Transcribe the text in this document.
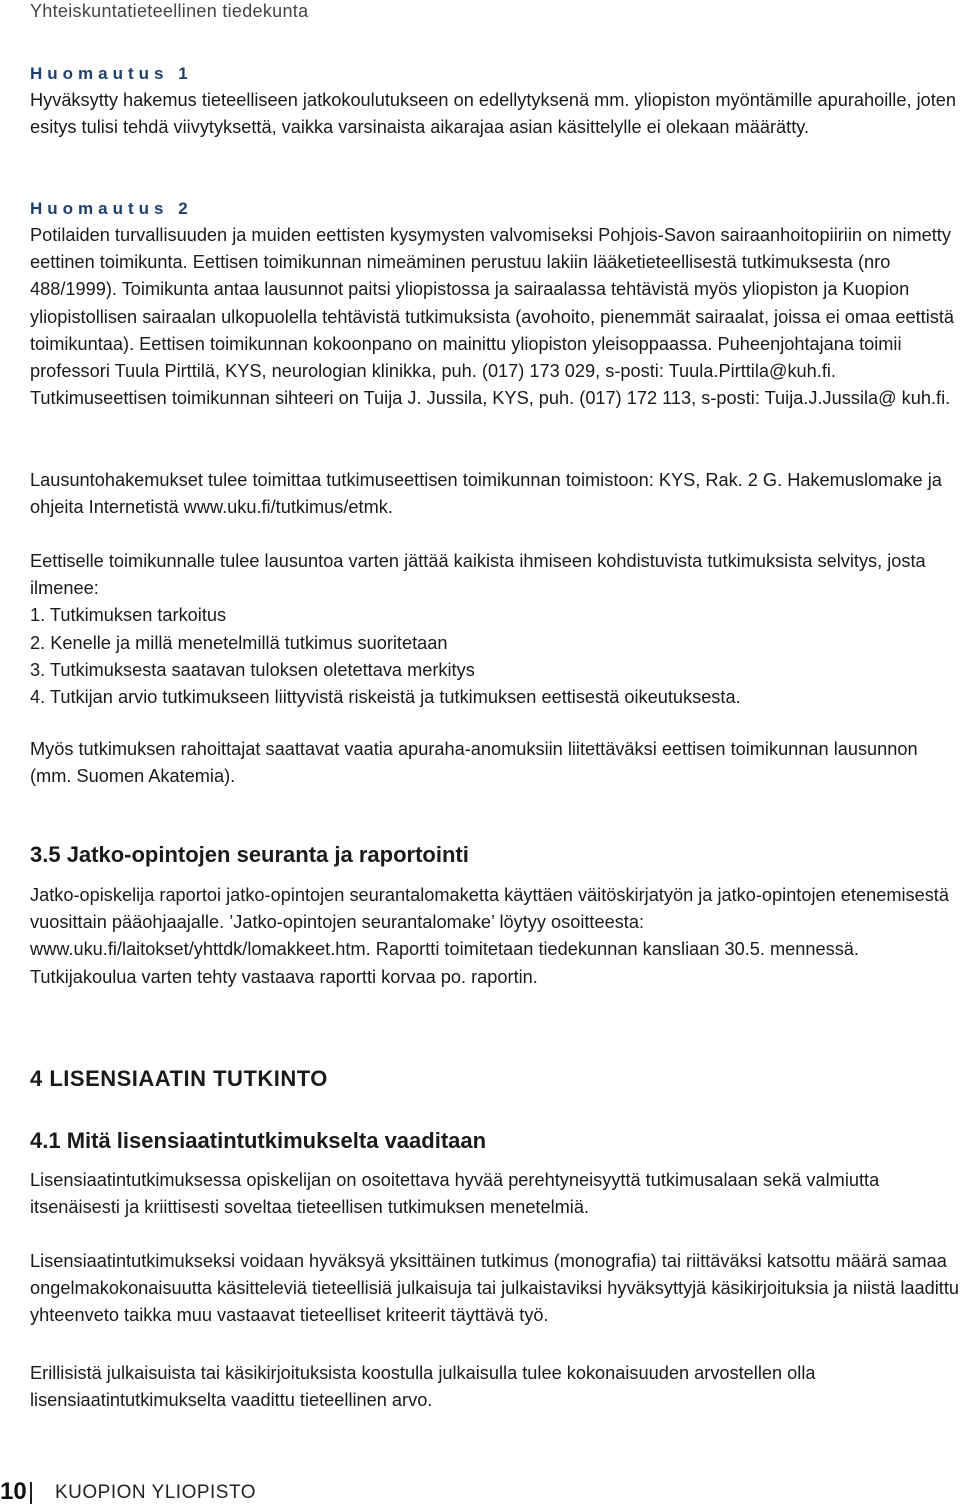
Yhteiskuntatieteellinen tiedekunta
Huomautus 1

Hyväksytty hakemus tieteelliseen jatkokoulutukseen on edellytyksenä mm. yliopiston myöntämille apurahoille, joten esitys tulisi tehdä viivytyksettä, vaikka varsinaista aikarajaa asian käsittelylle ei olekaan määrätty.

Huomautus 2

Potilaiden turvallisuuden ja muiden eettisten kysymysten valvomiseksi Pohjois-Savon sairaanhoitopiiriin on nimetty eettinen toimikunta. Eettisen toimikunnan nimeäminen perustuu lakiin lääketieteellisestä tutkimuksesta (nro 488/1999). Toimikunta antaa lausunnot paitsi yliopistossa ja sairaalassa tehtävistä myös yliopiston ja Kuopion yliopistollisen sairaalan ulkopuolella tehtävistä tutkimuksista (avohoito, pienemmät sairaalat, joissa ei omaa eettistä toimikuntaa). Eettisen toimikunnan kokoonpano on mainittu yliopiston yleisoppaassa. Puheenjohtajana toimii professori Tuula Pirttilä, KYS, neurologian klinikka, puh. (017) 173 029, s-posti: Tuula.Pirttila@kuh.fi. Tutkimuseettisen toimikunnan sihteeri on Tuija J. Jussila, KYS, puh. (017) 172 113, s-posti: Tuija.J.Jussila@ kuh.fi.

Lausuntohakemukset tulee toimittaa tutkimuseettisen toimikunnan toimistoon: KYS, Rak. 2 G. Hakemuslomake ja ohjeita Internetistä www.uku.fi/tutkimus/etmk.

Eettiselle toimikunnalle tulee lausuntoa varten jättää kaikista ihmiseen kohdistuvista tutkimuksista selvitys, josta ilmenee:

1. Tutkimuksen tarkoitus
2. Kenelle ja millä menetelmillä tutkimus suoritetaan
3. Tutkimuksesta saatavan tuloksen oletettava merkitys
4. Tutkijan arvio tutkimukseen liittyvistä riskeistä ja tutkimuksen eettisestä oikeutuksesta.

Myös tutkimuksen rahoittajat saattavat vaatia apuraha-anomuksiin liitettäväksi eettisen toimikunnan lausunnon (mm. Suomen Akatemia).

3.5 Jatko-opintojen seuranta ja raportointi

Jatko-opiskelija raportoi jatko-opintojen seurantalomaketta käyttäen väitöskirjatyön ja jatko-opintojen etenemisestä vuosittain pääohjaajalle. ’Jatko-opintojen seurantalomake’ löytyy osoitteesta: www.uku.fi/laitokset/yhttdk/lomakkeet.htm. Raportti toimitetaan tiedekunnan kansliaan 30.5. mennessä. Tutkijakoulua varten tehty vastaava raportti korvaa po. raportin.

4 LISENSIAATIN TUTKINTO
4.1 Mitä lisensiaatintutkimukselta vaaditaan

Lisensiaatintutkimuksessa opiskelijan on osoitettava hyvää perehtyneisyyttä tutkimusalaan sekä valmiutta itsenäisesti ja kriittisesti soveltaa tieteellisen tutkimuksen menetelmiä.

Lisensiaatintutkimukseksi voidaan hyväksyä yksittäinen tutkimus (monografia) tai riittäväksi katsottu määrä samaa ongelmakokonaisuutta käsitteleviä tieteellisiä julkaisuja tai julkaistaviksi hyväksyttyjä käsikirjoituksia ja niistä laadittu yhteenveto taikka muu vastaavat tieteelliset kriteerit täyttävä työ.

Erillisistä julkaisuista tai käsikirjoituksista koostulla julkaisulla tulee kokonaisuuden arvostellen olla lisensiaatintutkimukselta vaadittu tieteellinen arvo.

10 KUOPION YLIOPISTO
